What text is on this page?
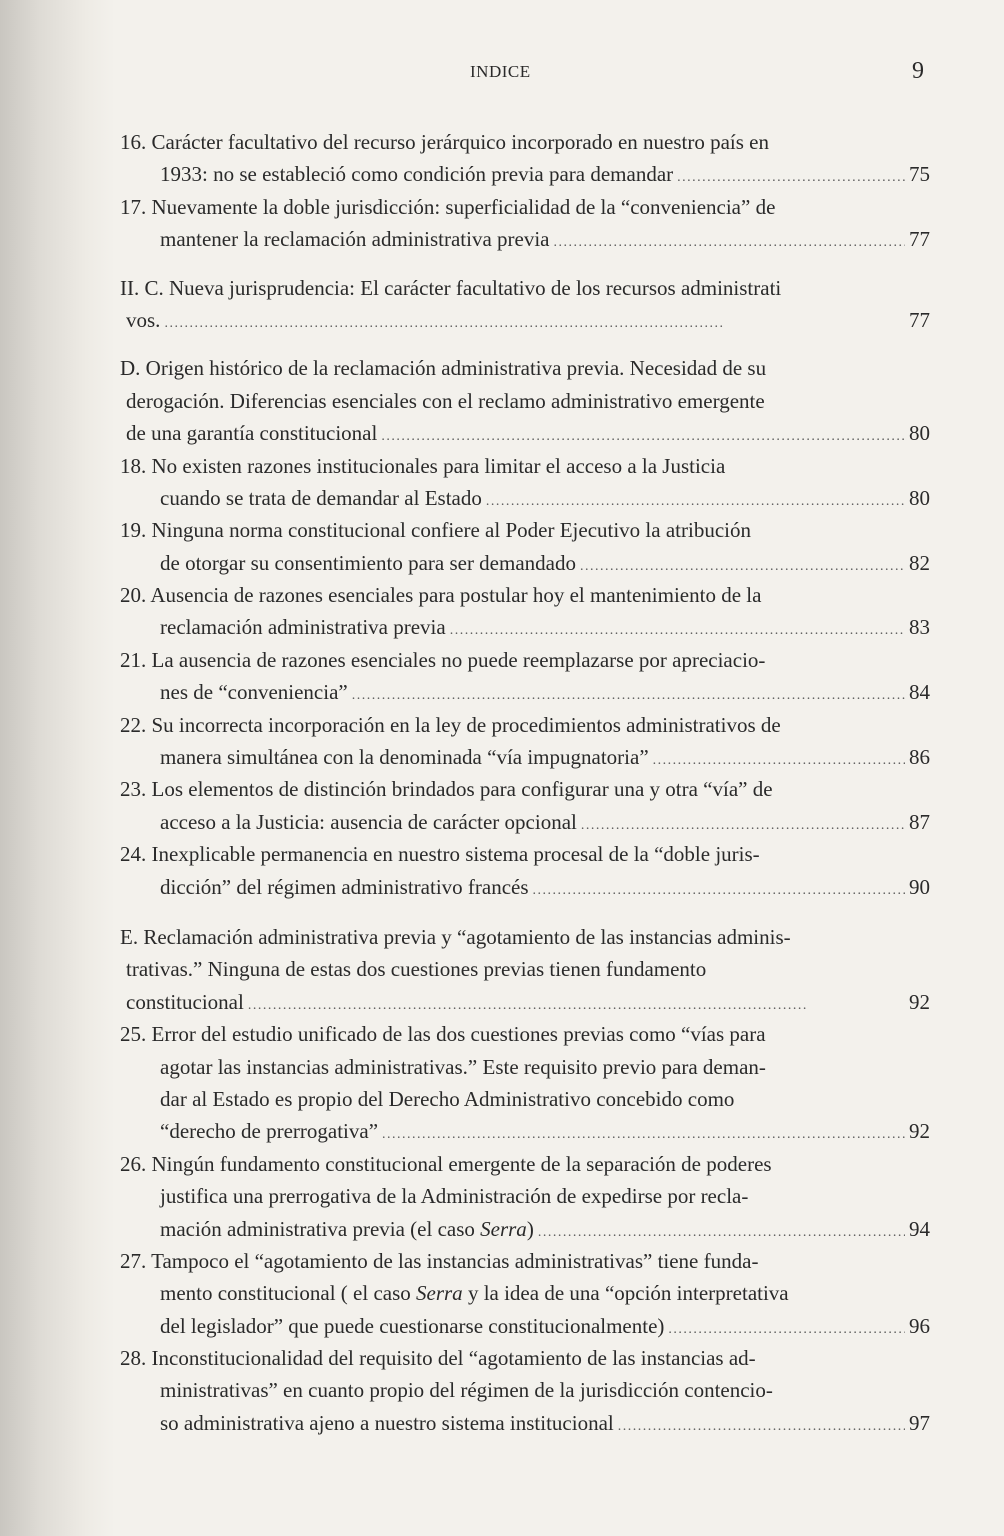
INDICE	9
16. Carácter facultativo del recurso jerárquico incorporado en nuestro país en
1933: no se estableció como condición previa para demandar . . .	75
17. Nuevamente la doble jurisdicción: superficialidad de la “conveniencia” de
mantener la reclamación administrativa previa . . .	77
II. C. Nueva jurisprudencia: El carácter facultativo de los recursos administrati
vos. . . .	77
D. Origen histórico de la reclamación administrativa previa. Necesidad de su
derogación. Diferencias esenciales con el reclamo administrativo emergente
de una garantía constitucional . . .	80
18. No existen razones institucionales para limitar el acceso a la Justicia
cuando se trata de demandar al Estado . . .	80
19. Ninguna norma constitucional confiere al Poder Ejecutivo la atribución
de otorgar su consentimiento para ser demandado . . .	82
20. Ausencia de razones esenciales para postular hoy el mantenimiento de la
reclamación administrativa previa . . .	83
21. La ausencia de razones esenciales no puede reemplazarse por apreciacio-
nes de “conveniencia” . . .	84
22. Su incorrecta incorporación en la ley de procedimientos administrativos de
manera simultánea con la denominada “vía impugnatoria” . . .	86
23. Los elementos de distinción brindados para configurar una y otra “vía” de
acceso a la Justicia: ausencia de carácter opcional . . .	87
24. Inexplicable permanencia en nuestro sistema procesal de la “doble juris-
dicción” del régimen administrativo francés . . .	90
E. Reclamación administrativa previa y “agotamiento de las instancias adminis-
trativas.” Ninguna de estas dos cuestiones previas tienen fundamento
constitucional . . .	92
25. Error del estudio unificado de las dos cuestiones previas como “vías para
agotar las instancias administrativas.” Este requisito previo para deman-
dar al Estado es propio del Derecho Administrativo concebido como
“derecho de prerrogativa” . . .	92
26. Ningún fundamento constitucional emergente de la separación de poderes
justifica una prerrogativa de la Administración de expedirse por recla-
mación administrativa previa (el caso Serra) . . .	94
27. Tampoco el “agotamiento de las instancias administrativas” tiene funda-
mento constitucional ( el caso Serra y la idea de una “opción interpretativa
del legislador” que puede cuestionarse constitucionalmente) . . .	96
28. Inconstitucionalidad del requisito del “agotamiento de las instancias ad-
ministrativas” en cuanto propio del régimen de la jurisdicción contencio-
so administrativa ajeno a nuestro sistema institucional . . .	97
